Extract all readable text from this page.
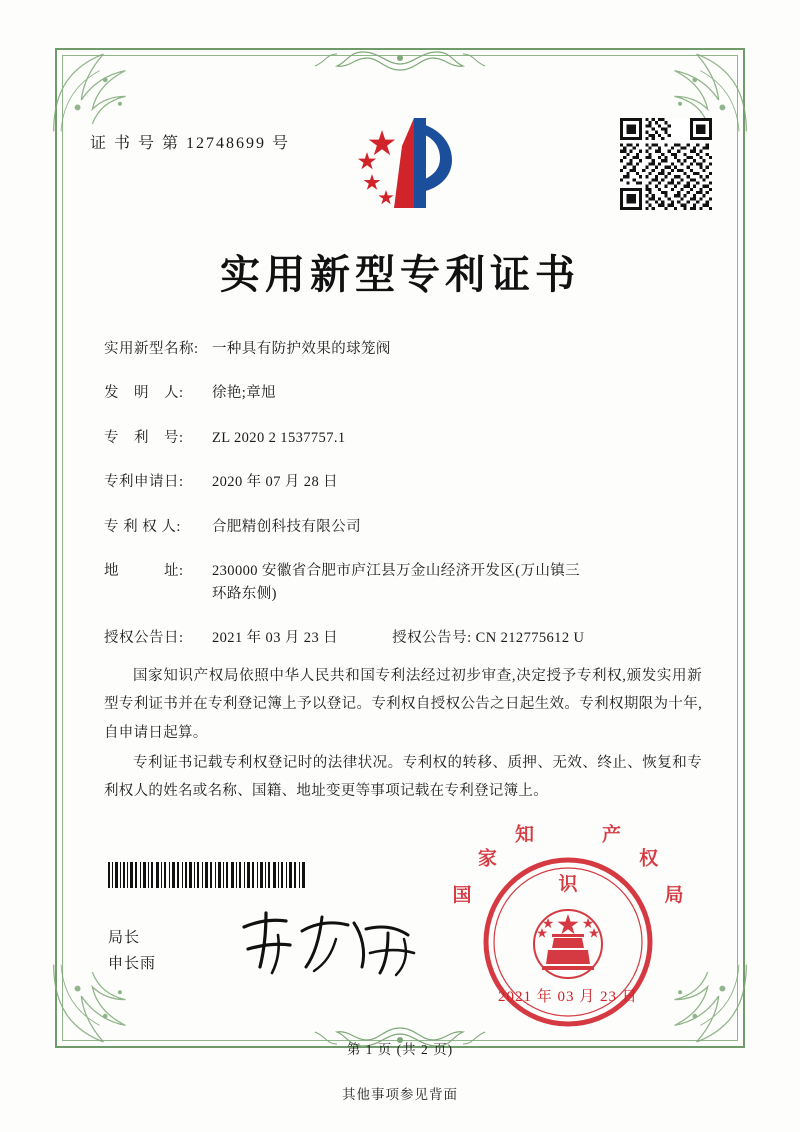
证 书 号 第 12748699 号
实用新型专利证书
实用新型名称: 一种具有防护效果的球笼阀
发　明　人:	徐艳;章旭
专　利　号:	ZL 2020 2 1537757.1
专利申请日:	2020 年 07 月 28 日
专 利 权 人:	合肥精创科技有限公司
地　　　址:	230000 安徽省合肥市庐江县万金山经济开发区(万山镇三
环路东侧)
授权公告日:	2021 年 03 月 23 日	授权公告号: CN 212775612 U

国家知识产权局依照中华人民共和国专利法经过初步审查,决定授予专利权,颁发实用新型专利证书并在专利登记簿上予以登记。专利权自授权公告之日起生效。专利权期限为十年,自申请日起算。

专利证书记载专利权登记时的法律状况。专利权的转移、质押、无效、终止、恢复和专利权人的姓名或名称、国籍、地址变更等事项记载在专利登记簿上。

局长
申长雨
国
家
知
识
产
权
局
2021 年 03 月 23 日
第 1 页 (共 2 页)
其他事项参见背面
